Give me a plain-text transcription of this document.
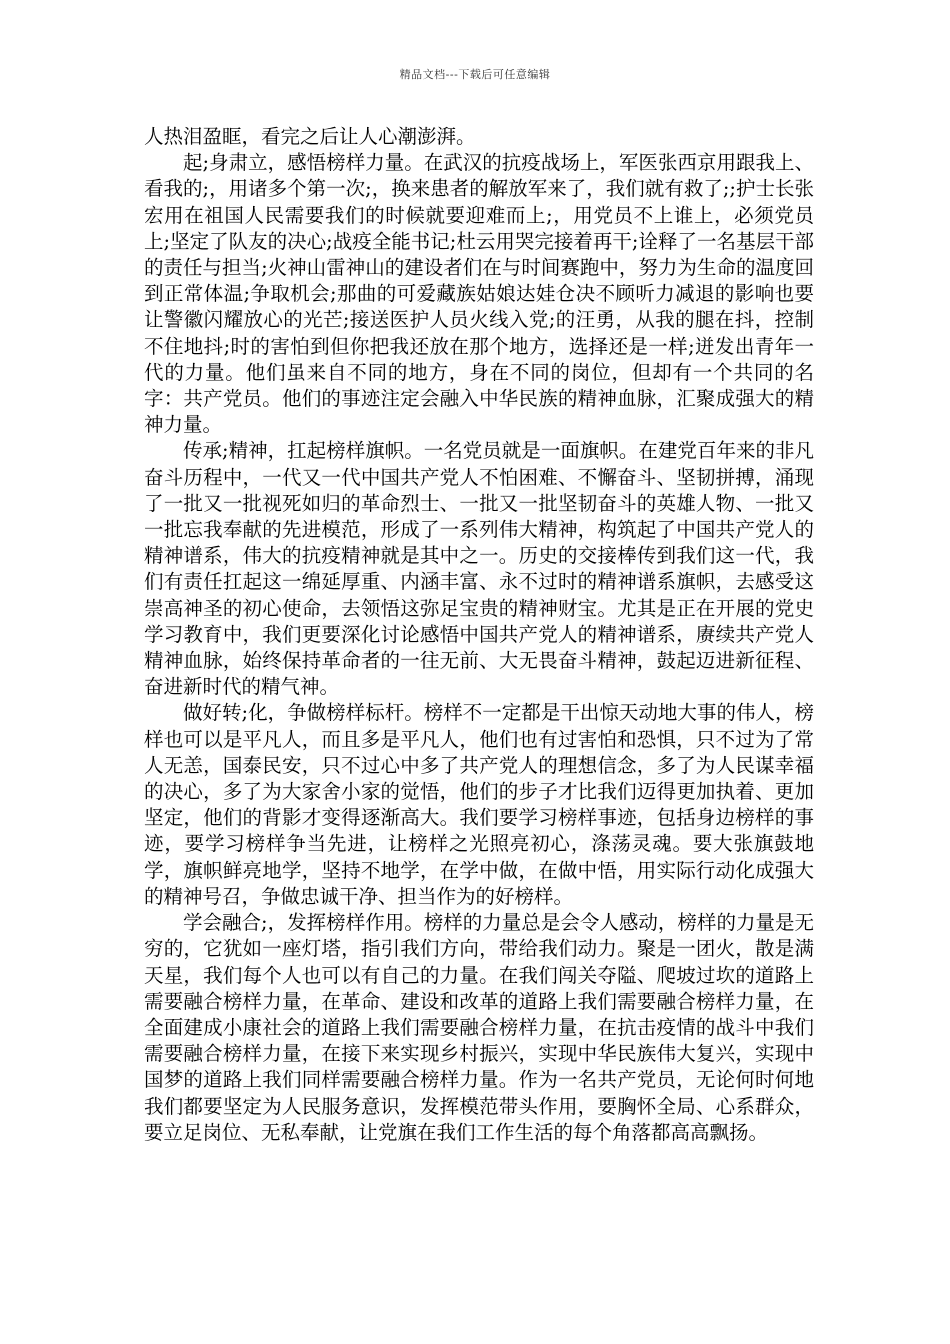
精品文档---下载后可任意编辑

人热泪盈眶，看完之后让人心潮澎湃。

起;身肃立，感悟榜样力量。在武汉的抗疫战场上，军医张西京用跟我上、看我的;，用诸多个第一次;，换来患者的解放军来了，我们就有救了;;护士长张宏用在祖国人民需要我们的时候就要迎难而上;，用党员不上谁上，必须党员上;坚定了队友的决心;战疫全能书记;杜云用哭完接着再干;诠释了一名基层干部的责任与担当;火神山雷神山的建设者们在与时间赛跑中，努力为生命的温度回到正常体温;争取机会;那曲的可爱藏族姑娘达娃仓决不顾听力减退的影响也要让警徽闪耀放心的光芒;接送医护人员火线入党;的汪勇，从我的腿在抖，控制不住地抖;时的害怕到但你把我还放在那个地方，选择还是一样;迸发出青年一代的力量。他们虽来自不同的地方，身在不同的岗位，但却有一个共同的名字：共产党员。他们的事迹注定会融入中华民族的精神血脉，汇聚成强大的精神力量。

传承;精神，扛起榜样旗帜。一名党员就是一面旗帜。在建党百年来的非凡奋斗历程中，一代又一代中国共产党人不怕困难、不懈奋斗、坚韧拼搏，涌现了一批又一批视死如归的革命烈士、一批又一批坚韧奋斗的英雄人物、一批又一批忘我奉献的先进模范，形成了一系列伟大精神，构筑起了中国共产党人的精神谱系，伟大的抗疫精神就是其中之一。历史的交接棒传到我们这一代，我们有责任扛起这一绵延厚重、内涵丰富、永不过时的精神谱系旗帜，去感受这崇高神圣的初心使命，去领悟这弥足宝贵的精神财宝。尤其是正在开展的党史学习教育中，我们更要深化讨论感悟中国共产党人的精神谱系，赓续共产党人精神血脉，始终保持革命者的一往无前、大无畏奋斗精神，鼓起迈进新征程、奋进新时代的精气神。

做好转;化，争做榜样标杆。榜样不一定都是干出惊天动地大事的伟人，榜样也可以是平凡人，而且多是平凡人，他们也有过害怕和恐惧，只不过为了常人无恙，国泰民安，只不过心中多了共产党人的理想信念，多了为人民谋幸福的决心，多了为大家舍小家的觉悟，他们的步子才比我们迈得更加执着、更加坚定，他们的背影才变得逐渐高大。我们要学习榜样事迹，包括身边榜样的事迹，要学习榜样争当先进，让榜样之光照亮初心，涤荡灵魂。要大张旗鼓地学，旗帜鲜亮地学，坚持不地学，在学中做，在做中悟，用实际行动化成强大的精神号召，争做忠诚干净、担当作为的好榜样。

学会融合;，发挥榜样作用。榜样的力量总是会令人感动，榜样的力量是无穷的，它犹如一座灯塔，指引我们方向，带给我们动力。聚是一团火，散是满天星，我们每个人也可以有自己的力量。在我们闯关夺隘、爬坡过坎的道路上需要融合榜样力量，在革命、建设和改革的道路上我们需要融合榜样力量，在全面建成小康社会的道路上我们需要融合榜样力量，在抗击疫情的战斗中我们需要融合榜样力量，在接下来实现乡村振兴，实现中华民族伟大复兴，实现中国梦的道路上我们同样需要融合榜样力量。作为一名共产党员，无论何时何地我们都要坚定为人民服务意识，发挥模范带头作用，要胸怀全局、心系群众，要立足岗位、无私奉献，让党旗在我们工作生活的每个角落都高高飘扬。
